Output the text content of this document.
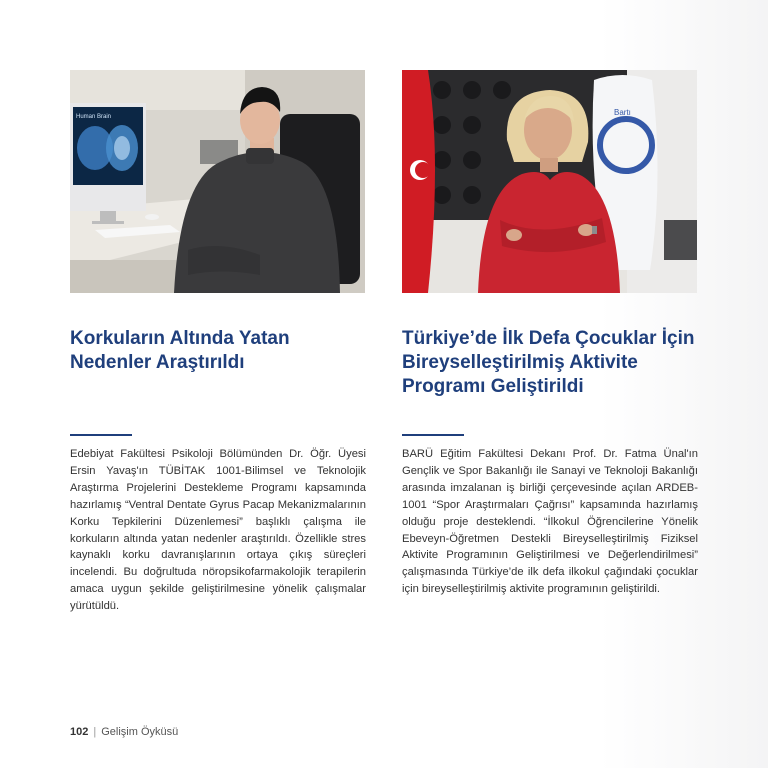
Human Brain	Bartı
Korkuların Altında Yatan Nedenler Araştırıldı
Türkiye’de İlk Defa Çocuklar İçin Bireyselleştirilmiş Aktivite Programı Geliştirildi

Edebiyat Fakültesi Psikoloji Bölümünden Dr. Öğr. Üyesi Ersin Yavaş'ın TÜBİTAK 1001-Bilimsel ve Teknolojik Araştırma Projelerini Destekleme Programı kapsamında hazırlamış “Ventral Dentate Gyrus Pacap Mekanizmalarının Korku Tepkilerini Düzenlemesi” başlıklı çalışma ile korkuların altında yatan nedenler araştırıldı. Özellikle stres kaynaklı korku davranışlarının ortaya çıkış süreçleri incelendi. Bu doğrultuda nöropsikofarmakolojik terapilerin amaca uygun şekilde geliştirilmesine yönelik çalışmalar yürütüldü.

BARÜ Eğitim Fakültesi Dekanı Prof. Dr. Fatma Ünal'ın Gençlik ve Spor Bakanlığı ile Sanayi ve Teknoloji Bakanlığı arasında imzalanan iş birliği çerçevesinde açılan ARDEB-1001 “Spor Araştırmaları Çağrısı” kapsamında hazırlamış olduğu proje desteklendi. “İlkokul Öğrencilerine Yönelik Ebeveyn-Öğretmen Destekli Bireyselleştirilmiş Fiziksel Aktivite Programının Geliştirilmesi ve Değerlendirilmesi” çalışmasında Türkiye’de ilk defa ilkokul çağındaki çocuklar için bireyselleştirilmiş aktivite programının geliştirildi.

102 | Gelişim Öyküsü
